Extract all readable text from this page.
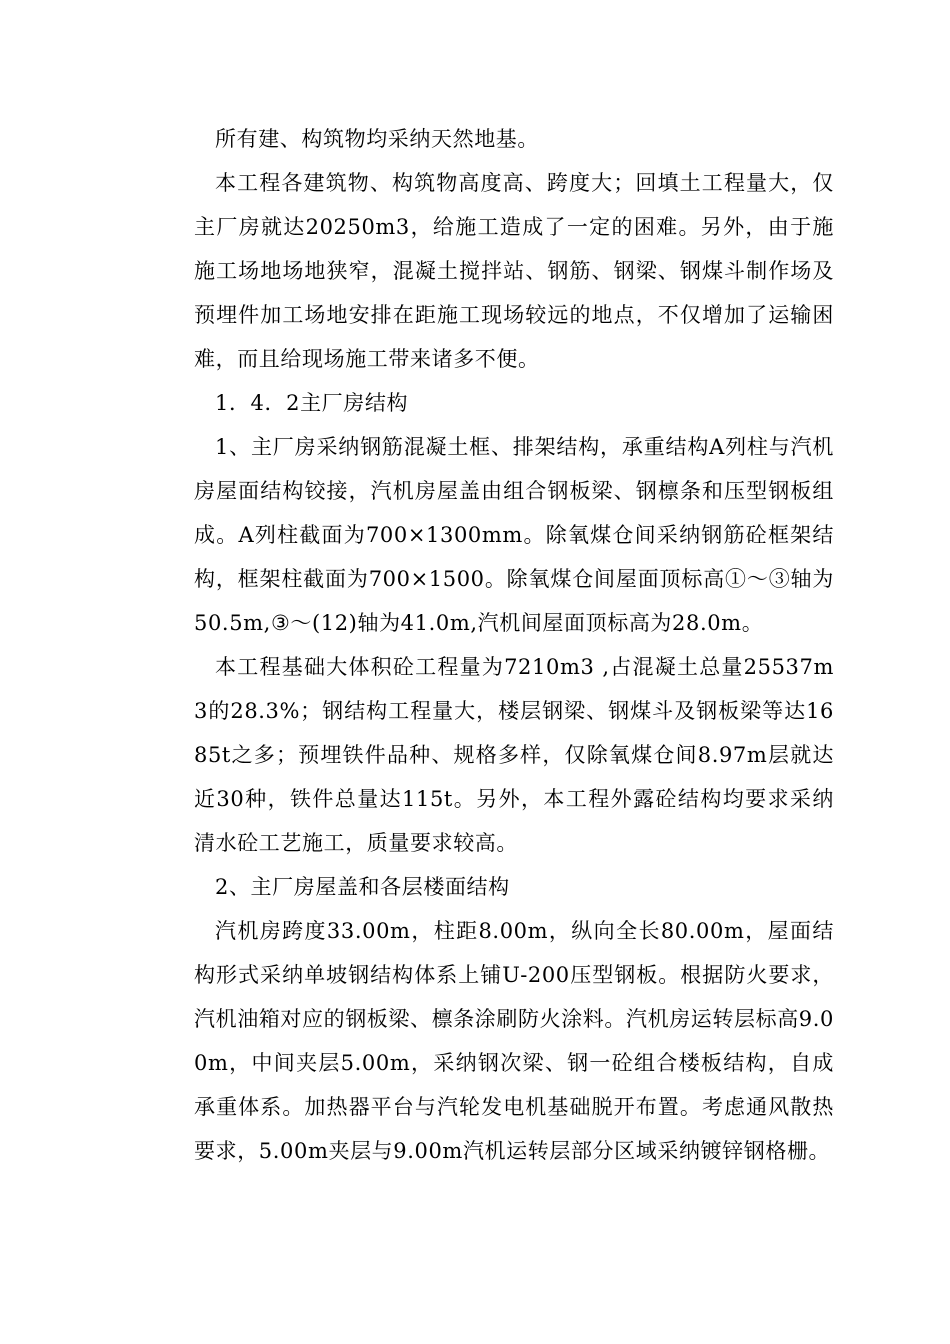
所有建、构筑物均采纳天然地基。

本工程各建筑物、构筑物高度高、跨度大；回填土工程量大，仅主厂房就达20250m3，给施工造成了一定的困难。另外，由于施施工场地场地狭窄，混凝土搅拌站、钢筋、钢梁、钢煤斗制作场及预埋件加工场地安排在距施工现场较远的地点，不仅增加了运输困难，而且给现场施工带来诸多不便。

1．4．2主厂房结构

1、主厂房采纳钢筋混凝土框、排架结构，承重结构A列柱与汽机房屋面结构铰接，汽机房屋盖由组合钢板梁、钢檩条和压型钢板组成。A列柱截面为700×1300mm。除氧煤仓间采纳钢筋砼框架结构，框架柱截面为700×1500。除氧煤仓间屋面顶标高①～③轴为50.5m,③～(12)轴为41.0m,汽机间屋面顶标高为28.0m。

本工程基础大体积砼工程量为7210m3 ,占混凝土总量25537m3的28.3%；钢结构工程量大，楼层钢梁、钢煤斗及钢板梁等达1685t之多；预埋铁件品种、规格多样，仅除氧煤仓间8.97m层就达近30种，铁件总量达115t。另外，本工程外露砼结构均要求采纳清水砼工艺施工，质量要求较高。

2、主厂房屋盖和各层楼面结构

汽机房跨度33.00m，柱距8.00m，纵向全长80.00m，屋面结构形式采纳单坡钢结构体系上铺U-200压型钢板。根据防火要求，汽机油箱对应的钢板梁、檩条涂刷防火涂料。汽机房运转层标高9.00m，中间夹层5.00m，采纳钢次梁、钢一砼组合楼板结构，自成承重体系。加热器平台与汽轮发电机基础脱开布置。考虑通风散热要求，5.00m夹层与9.00m汽机运转层部分区域采纳镀锌钢格栅。
